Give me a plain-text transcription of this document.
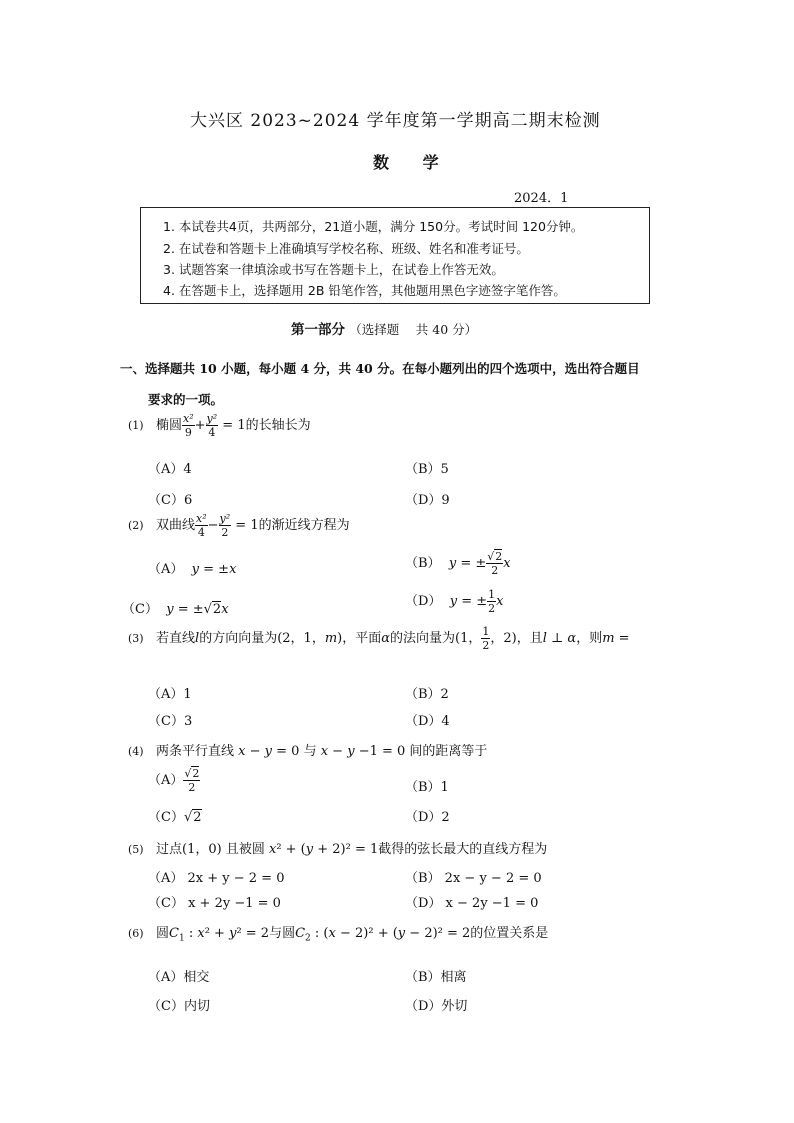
大兴区 2023~2024 学年度第一学期高二期末检测
数 学
2024．1
1. 本试卷共4页，共两部分，21道小题，满分 150分。考试时间 120分钟。
2. 在试卷和答题卡上准确填写学校名称、班级、姓名和准考证号。
3. 试题答案一律填涂或书写在答题卡上，在试卷上作答无效。
4. 在答题卡上，选择题用 2B 铅笔作答，其他题用黑色字迹签字笔作答。
第一部分 （选择题　 共 40 分）
一、选择题共 10 小题，每小题 4 分，共 40 分。在每小题列出的四个选项中，选出符合题目
要求的一项。
(1) 椭圆 $\frac{\text{x²}}{9} + \frac{\text{y²}}{4} = 1$的长轴长为
（A）4	（B）5
（C）6	（D）9
(2) 双曲线 $\frac{\text{x²}}{4} - \frac{\text{y²}}{2} = 1$的渐近线方程为
（A） y = ±x	（B） y = ± $\frac{√2}{2}$ x
（C） y = ±√2x
（D） y = ± $\frac{1}{2}$ x
(3) 若直线l的方向向量为(2，1，m)，平面α的法向量为(1， $\frac{1}{2}$ ，2)，且l ⊥ α，则m =
（A）1	（B）2
（C）3	（D）4
(4) 两条平行直线 x − y = 0 与 x − y −1 = 0 间的距离等于
$(A) \frac{√2}{2}$	（B）1
（C）√2	（D）2
(5) 过点(1，0) 且被圆 x² + (y + 2)² = 1截得的弦长最大的直线方程为
（A） 2x + y − 2 = 0	（B） 2x − y − 2 = 0
（C） x + 2y −1 = 0	（D） x − 2y −1 = 0
(6) 圆$C_1$ : x² + y² = 2与圆$C_2$ : (x − 2)² + (y − 2)² = 2的位置关系是
（A）相交	（B）相离
（C）内切	（D）外切
